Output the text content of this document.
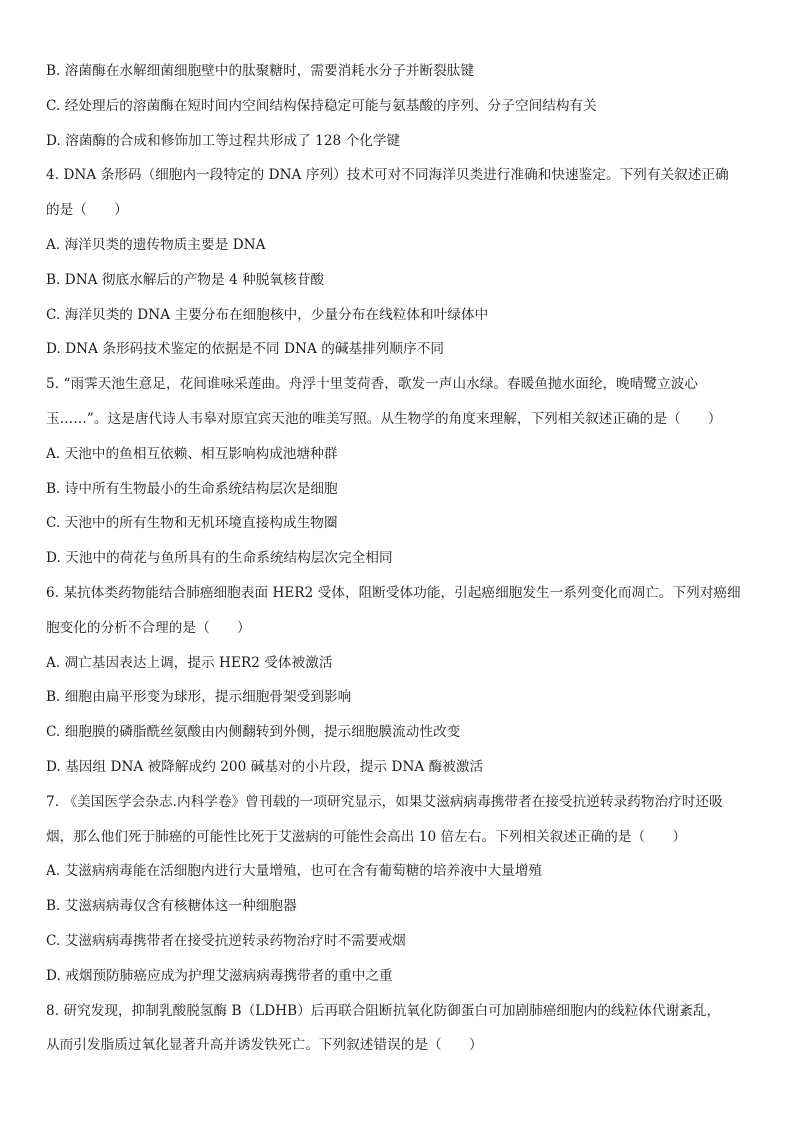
B. 溶菌酶在水解细菌细胞壁中的肽聚糖时，需要消耗水分子并断裂肽键
C. 经处理后的溶菌酶在短时间内空间结构保持稳定可能与氨基酸的序列、分子空间结构有关
D. 溶菌酶的合成和修饰加工等过程共形成了 128 个化学键
4. DNA 条形码（细胞内一段特定的 DNA 序列）技术可对不同海洋贝类进行准确和快速鉴定。下列有关叙述正确
的是（　　）
A. 海洋贝类的遗传物质主要是 DNA
B. DNA 彻底水解后的产物是 4 种脱氧核苷酸
C. 海洋贝类的 DNA 主要分布在细胞核中，少量分布在线粒体和叶绿体中
D. DNA 条形码技术鉴定的依据是不同 DNA 的碱基排列顺序不同
5. “雨霁天池生意足，花间谁咏采莲曲。舟浮十里芰荷香，歌发一声山水绿。春暖鱼抛水面纶，晚晴鹭立波心
玉……”。这是唐代诗人韦皋对原宜宾天池的唯美写照。从生物学的角度来理解，下列相关叙述正确的是（　　）
A. 天池中的鱼相互依赖、相互影响构成池塘种群
B. 诗中所有生物最小的生命系统结构层次是细胞
C. 天池中的所有生物和无机环境直接构成生物圈
D. 天池中的荷花与鱼所具有的生命系统结构层次完全相同
6. 某抗体类药物能结合肺癌细胞表面 HER2 受体，阻断受体功能，引起癌细胞发生一系列变化而凋亡。下列对癌细
胞变化的分析不合理的是（　　）
A. 凋亡基因表达上调，提示 HER2 受体被激活
B. 细胞由扁平形变为球形，提示细胞骨架受到影响
C. 细胞膜的磷脂酰丝氨酸由内侧翻转到外侧，提示细胞膜流动性改变
D. 基因组 DNA 被降解成约 200 碱基对的小片段，提示 DNA 酶被激活
7. 《美国医学会杂志.内科学卷》曾刊载的一项研究显示，如果艾滋病病毒携带者在接受抗逆转录药物治疗时还吸
烟，那么他们死于肺癌的可能性比死于艾滋病的可能性会高出 10 倍左右。下列相关叙述正确的是（　　）
A. 艾滋病病毒能在活细胞内进行大量增殖，也可在含有葡萄糖的培养液中大量增殖
B. 艾滋病病毒仅含有核糖体这一种细胞器
C. 艾滋病病毒携带者在接受抗逆转录药物治疗时不需要戒烟
D. 戒烟预防肺癌应成为护理艾滋病病毒携带者的重中之重
8. 研究发现，抑制乳酸脱氢酶 B（LDHB）后再联合阻断抗氧化防御蛋白可加剧肺癌细胞内的线粒体代谢紊乱，
从而引发脂质过氧化显著升高并诱发铁死亡。下列叙述错误的是（　　）
